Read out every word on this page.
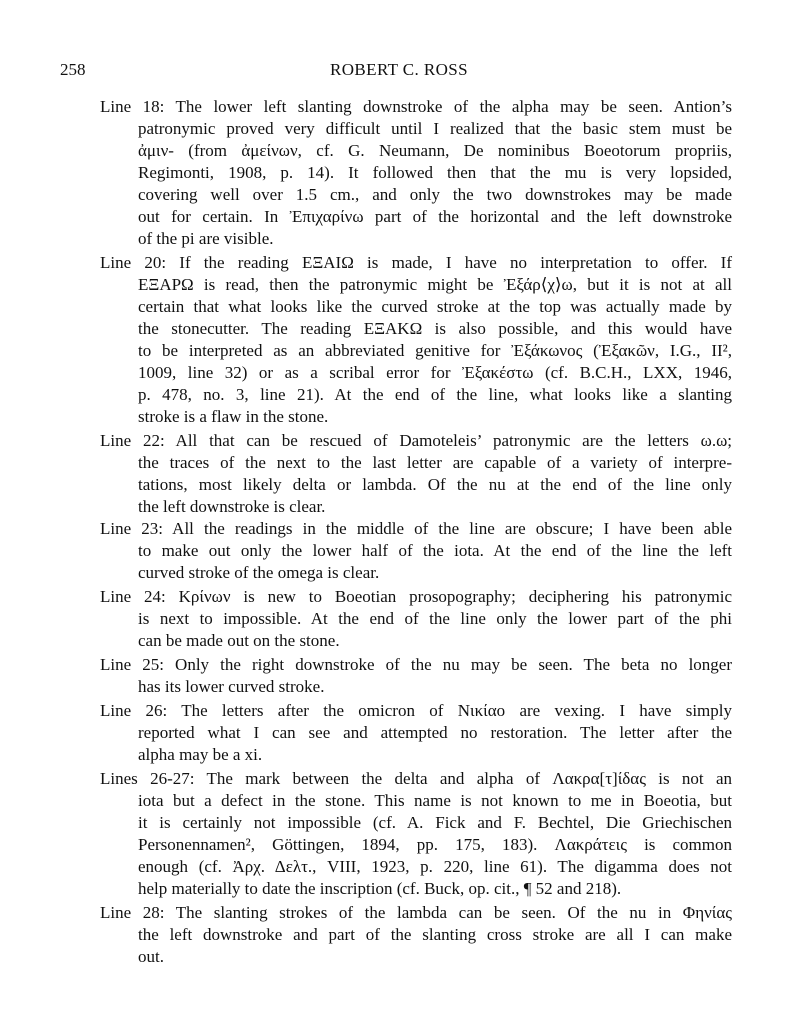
258	ROBERT C. ROSS
Line 18: The lower left slanting downstroke of the alpha may be seen. Antion’s
patronymic proved very difficult until I realized that the basic stem must be
ἀμιν- (from ἀμείνων, cf. G. Neumann, De nominibus Boeotorum propriis,
Regimonti, 1908, p. 14). It followed then that the mu is very lopsided,
covering well over 1.5 cm., and only the two downstrokes may be made
out for certain. In Ἐπιχαρίνω part of the horizontal and the left downstroke
of the pi are visible.
Line 20: If the reading ΕΞΑΙΩ is made, I have no interpretation to offer. If
ΕΞΑΡΩ is read, then the patronymic might be Ἐξάρ⟨χ⟩ω, but it is not at all
certain that what looks like the curved stroke at the top was actually made by
the stonecutter. The reading ΕΞΑΚΩ is also possible, and this would have
to be interpreted as an abbreviated genitive for Ἐξάκωνος (Ἐξακῶν, I.G., II²,
1009, line 32) or as a scribal error for Ἐξακέστω (cf. B.C.H., LXX, 1946,
p. 478, no. 3, line 21). At the end of the line, what looks like a slanting
stroke is a flaw in the stone.
Line 22: All that can be rescued of Damoteleis’ patronymic are the letters ω.ω;
the traces of the next to the last letter are capable of a variety of interpre-
tations, most likely delta or lambda. Of the nu at the end of the line only
the left downstroke is clear.
Line 23: All the readings in the middle of the line are obscure; I have been able
to make out only the lower half of the iota. At the end of the line the left
curved stroke of the omega is clear.
Line 24: Κρίνων is new to Boeotian prosopography; deciphering his patronymic
is next to impossible. At the end of the line only the lower part of the phi
can be made out on the stone.
Line 25: Only the right downstroke of the nu may be seen. The beta no longer
has its lower curved stroke.
Line 26: The letters after the omicron of Νικίαο are vexing. I have simply
reported what I can see and attempted no restoration. The letter after the
alpha may be a xi.
Lines 26-27: The mark between the delta and alpha of Λακρα[τ]ίδας is not an
iota but a defect in the stone. This name is not known to me in Boeotia, but
it is certainly not impossible (cf. A. Fick and F. Bechtel, Die Griechischen
Personennamen², Göttingen, 1894, pp. 175, 183). Λακράτεις is common
enough (cf. Ἀρχ. Δελτ., VIII, 1923, p. 220, line 61). The digamma does not
help materially to date the inscription (cf. Buck, op. cit., ¶ 52 and 218).
Line 28: The slanting strokes of the lambda can be seen. Of the nu in Φηνίας
the left downstroke and part of the slanting cross stroke are all I can make
out.
